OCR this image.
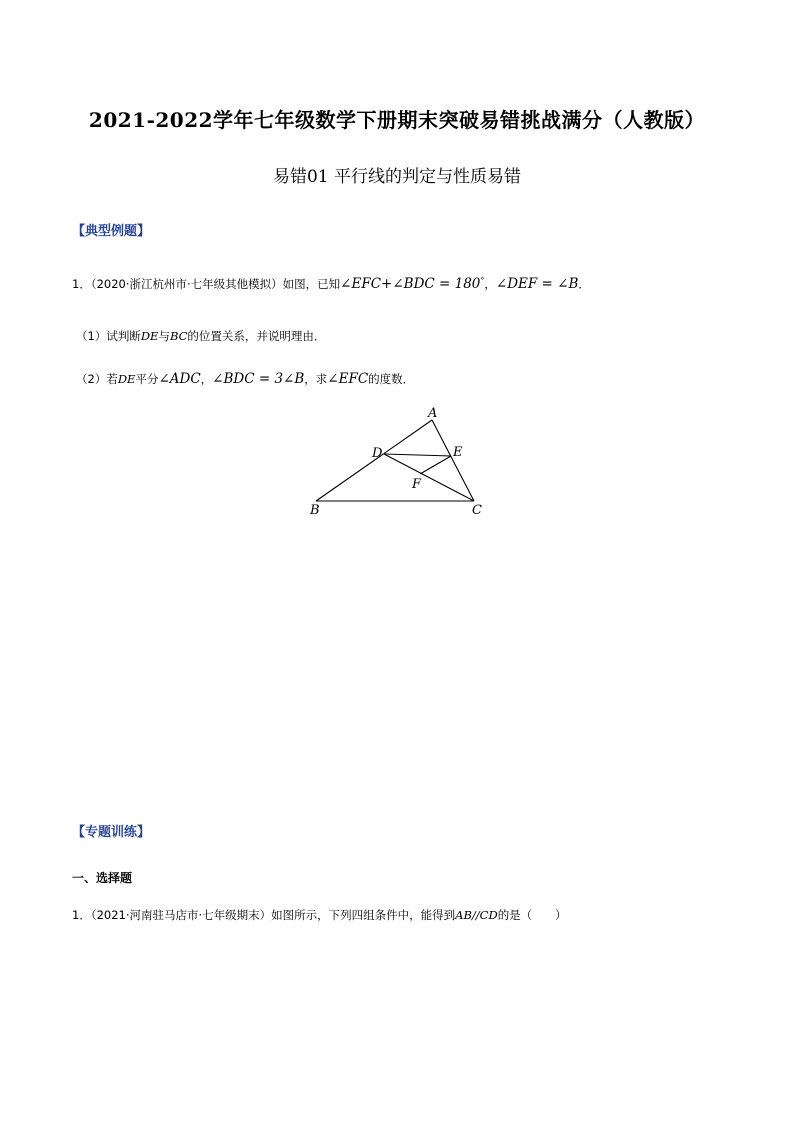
2021-2022学年七年级数学下册期末突破易错挑战满分（人教版）
易错01 平行线的判定与性质易错
【典型例题】
1．（2020·浙江杭州市·七年级其他模拟）如图，已知∠EFC+∠BDC = 180°，∠DEF = ∠B．
（1）试判断DE与BC的位置关系，并说明理由．
（2）若DE平分∠ADC，∠BDC = 3∠B，求∠EFC的度数．
A
B	C
D	E
F
【专题训练】
一、选择题
1．（2021·河南驻马店市·七年级期末）如图所示，下列四组条件中，能得到AB//CD的是（　　）
